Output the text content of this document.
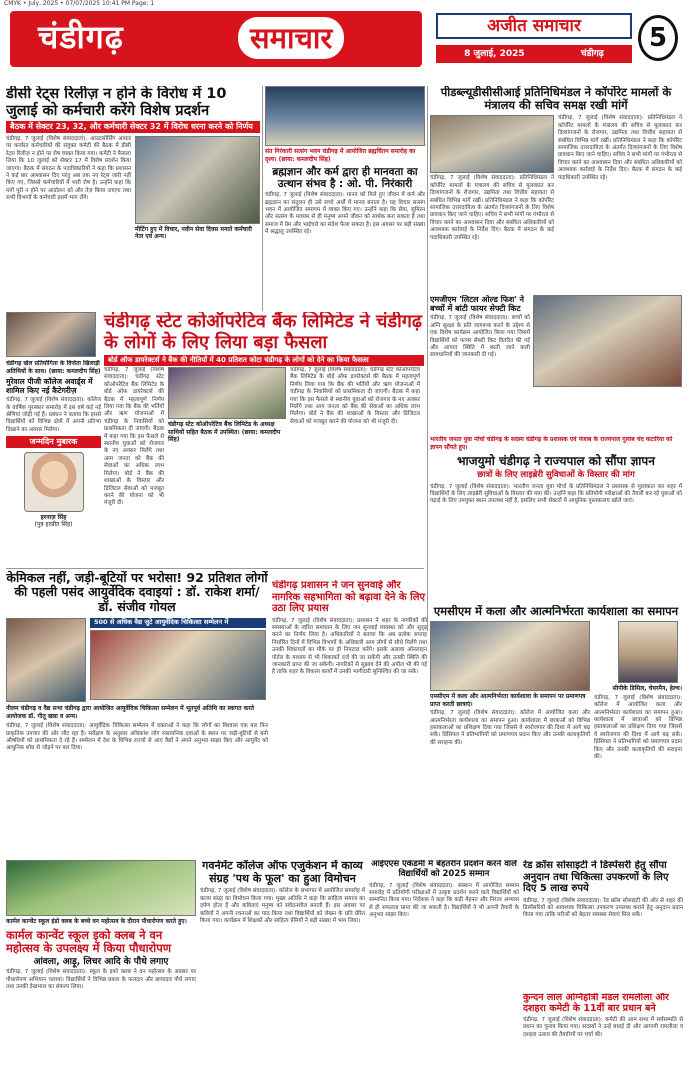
CMYK • July, 2025 • 07/07/2025 10:41 PM Page: 1
चंडीगढ़	समाचार	अजीत समाचार
8 जुलाई, 2025	चंडीगढ़
5
डीसी रेट्स रिलीज़ न होने के विरोध में 10 जुलाई को कर्मचारी करेंगे विशेष प्रदर्शन
बैठक में सेक्टर 23, 32, और कर्मचारी सेक्टर 32 में विरोध धरना करने को निर्णय
चंडीगढ़, 7 जुलाई (विशेष संवाददाता): आउटसोर्सिंग आधार पर कार्यरत कर्मचारियों की संयुक्त कमेटी की बैठक में डीसी रेट्स रिलीज़ न होने पर रोष व्यक्त किया गया। कमेटी ने फैसला लिया कि 10 जुलाई को सेक्टर 17 में विशेष प्रदर्शन किया जाएगा। बैठक में संगठन के पदाधिकारियों ने कहा कि प्रशासन ने कई बार आश्वासन दिए परंतु अब तक नए रेट्स जारी नहीं किए गए, जिससे कर्मचारियों में भारी रोष है। उन्होंने कहा कि मांगें पूरी न होने पर आंदोलन को और तेज़ किया जाएगा तथा सभी विभागों के कर्मचारी इसमें भाग लेंगे।
मीटिंग हुए में विचार, नवीन सेवा दिवस मनाते कर्मचारी नेता एवं अन्य।
संत निरंकारी सत्संग भवन चंडीगढ़ में आयोजित ब्रह्मचिंतन समारोह का दृश्य। (छाया: कमलदीप सिंह)
ब्रह्मज्ञान और कर्म द्वारा ही मानवता का उत्थान संभव है : ओ. पी. निरंकारी
चंडीगढ़, 7 जुलाई (विशेष संवाददाता): मानव को मिले हुए जीवन में कर्म और ब्रह्मज्ञान का संतुलन ही उसे सच्चे अर्थों में मानव बनाता है। यह विचार सत्संग भवन में आयोजित समागम में व्यक्त किए गए। उन्होंने कहा कि सेवा, सुमिरन और सत्संग के माध्यम से ही मनुष्य अपने जीवन को सार्थक बना सकता है तथा समाज में प्रेम और भाईचारे का संदेश फैला सकता है। इस अवसर पर बड़ी संख्या में श्रद्धालु उपस्थित रहे।
पीडब्ल्यूडीसीसीआई प्रतिनिधिमंडल ने कॉर्पोरेट मामलों के मंत्रालय की सचिव समक्ष रखी मांगें
चंडीगढ़, 7 जुलाई (विशेष संवाददाता): प्रतिनिधिमंडल ने कॉर्पोरेट मामलों के मंत्रालय की सचिव से मुलाकात कर दिव्यांगजनों के रोजगार, उद्यमिता तथा वित्तीय सहायता से संबंधित विभिन्न मांगें रखीं। प्रतिनिधिमंडल ने कहा कि कॉर्पोरेट सामाजिक उत्तरदायित्व के अंतर्गत दिव्यांगजनों के लिए विशेष प्रावधान किए जाने चाहिए। सचिव ने सभी मांगों पर गंभीरता से विचार करने का आश्वासन दिया और संबंधित अधिकारियों को आवश्यक कार्रवाई के निर्देश दिए। बैठक में संगठन के कई पदाधिकारी उपस्थित रहे।
चंडीगढ़, 7 जुलाई (विशेष संवाददाता): प्रतिनिधिमंडल ने कॉर्पोरेट मामलों के मंत्रालय की सचिव से मुलाकात कर दिव्यांगजनों के रोजगार, उद्यमिता तथा वित्तीय सहायता से संबंधित विभिन्न मांगें रखीं। प्रतिनिधिमंडल ने कहा कि कॉर्पोरेट सामाजिक उत्तरदायित्व के अंतर्गत दिव्यांगजनों के लिए विशेष प्रावधान किए जाने चाहिए। सचिव ने सभी मांगों पर गंभीरता से विचार करने का आश्वासन दिया और संबंधित अधिकारियों को आवश्यक कार्रवाई के निर्देश दिए। बैठक में संगठन के कई पदाधिकारी उपस्थित रहे।
एमजीएम 'लिटल ओल्ड फिश' ने बच्चों में बांटी फायर सेफ्टी किट
चंडीगढ़, 7 जुलाई (विशेष संवाददाता): बच्चों को अग्नि सुरक्षा के प्रति जागरूक करने के उद्देश्य से एक विशेष कार्यक्रम आयोजित किया गया जिसमें विद्यार्थियों को फायर सेफ्टी किट वितरित की गईं और आपात स्थिति में बरती जाने वाली सावधानियों की जानकारी दी गई।
चंडीगढ़ स्टेट कोऑपरेटिव बैंक लिमिटेड ने चंडीगढ़ के लोगों के लिए लिया बड़ा फैसला
बोर्ड ऑफ डायरेक्टर्स ने बैंक की नीतियों में 40 प्रतिशत कोटा चंडीगढ़ के लोगों को देने का किया फैसला
चंडीगढ़, 7 जुलाई (विशेष संवाददाता): चंडीगढ़ स्टेट कोऑपरेटिव बैंक लिमिटेड के बोर्ड ऑफ डायरेक्टर्स की बैठक में महत्वपूर्ण निर्णय लिया गया कि बैंक की भर्तियों और ऋण योजनाओं में चंडीगढ़ के निवासियों को प्राथमिकता दी जाएगी। बैठक में कहा गया कि इस फैसले से स्थानीय युवाओं को रोजगार के नए अवसर मिलेंगे तथा आम जनता को बैंक की सेवाओं का अधिक लाभ मिलेगा। बोर्ड ने बैंक की शाखाओं के विस्तार और डिजिटल सेवाओं को मजबूत करने की योजना को भी मंजूरी दी।
चंडीगढ़ स्टेट कोऑपरेटिव बैंक लिमिटेड के अध्यक्ष साथियों सहित बैठक में उपस्थित। (छाया: कमलदीप सिंह)
चंडीगढ़, 7 जुलाई (विशेष संवाददाता): चंडीगढ़ स्टेट कोऑपरेटिव बैंक लिमिटेड के बोर्ड ऑफ डायरेक्टर्स की बैठक में महत्वपूर्ण निर्णय लिया गया कि बैंक की भर्तियों और ऋण योजनाओं में चंडीगढ़ के निवासियों को प्राथमिकता दी जाएगी। बैठक में कहा गया कि इस फैसले से स्थानीय युवाओं को रोजगार के नए अवसर मिलेंगे तथा आम जनता को बैंक की सेवाओं का अधिक लाभ मिलेगा। बोर्ड ने बैंक की शाखाओं के विस्तार और डिजिटल सेवाओं को मजबूत करने की योजना को भी मंजूरी दी।
चंडीगढ़ खेल प्रतियोगिता के विजेता खिलाड़ी अतिथियों के साथ। (छाया: कमलदीप सिंह)
मुरेवाल पीजी कॉलेज अवार्ड्स में शामिल किए नई कैटेगरीज़
चंडीगढ़, 7 जुलाई (विशेष संवाददाता): कॉलेज के वार्षिक पुरस्कार समारोह में इस वर्ष कई नई श्रेणियां जोड़ी गई हैं। प्रबंधन ने बताया कि इससे विद्यार्थियों को विभिन्न क्षेत्रों में अपनी प्रतिभा दिखाने का अवसर मिलेगा।
जन्मदिन मुबारक
हरनाज़ सिंह
(पुत्र हरप्रीत सिंह)
भारतीय जनता युवा मोर्चा चंडीगढ़ के सदस्य चंडीगढ़ के प्रशासक एवं पंजाब के राज्यपाल गुलाब चंद कटारिया को ज्ञापन सौंपते हुए।
भाजयुमो चंडीगढ़ ने राज्यपाल को सौंपा ज्ञापन
छात्रों के लिए लाइब्रेरी सुविधाओं के विस्तार की मांग
चंडीगढ़, 7 जुलाई (विशेष संवाददाता): भारतीय जनता युवा मोर्चा के प्रतिनिधिमंडल ने प्रशासक से मुलाकात कर शहर में विद्यार्थियों के लिए लाइब्रेरी सुविधाओं के विस्तार की मांग की। उन्होंने कहा कि प्रतियोगी परीक्षाओं की तैयारी कर रहे युवाओं को पढ़ाई के लिए उपयुक्त स्थान उपलब्ध नहीं है, इसलिए सभी सेक्टरों में आधुनिक पुस्तकालय खोले जाएं।
केमिकल नहीं, जड़ी-बूटियों पर भरोसा! 92 प्रतिशत लोगों की पहली पसंद आयुर्वेदिक दवाइयां : डॉ. राकेश शर्मा/ डॉ. संजीव गोयल
500 से अधिक वैद्य जुटे आयुर्वेदिक चिकित्सा सम्मेलन में
नीलम चंडीगढ़ व वैद्य सभा चंडीगढ़ द्वारा आयोजित आयुर्वेदिक चिकित्सा सम्मेलन में भूतपूर्व अतिथि का स्वागत करते आयोजक डॉ. गीतू खन्ना व अन्य।
चंडीगढ़, 7 जुलाई (विशेष संवाददाता): आयुर्वेदिक चिकित्सा सम्मेलन में वक्ताओं ने कहा कि लोगों का विश्वास एक बार फिर प्राकृतिक उपचार की ओर लौट रहा है। सर्वेक्षण के अनुसार अधिकांश लोग रासायनिक दवाओं के स्थान पर जड़ी-बूटियों से बनी औषधियों को प्राथमिकता दे रहे हैं। सम्मेलन में देश के विभिन्न राज्यों से आए वैद्यों ने अपने अनुभव साझा किए और आयुर्वेद को आधुनिक शोध से जोड़ने पर बल दिया।
चंडीगढ़ प्रशासन ने जन सुनवाई और नागरिक सहभागिता को बढ़ावा देने के लिए उठा लिए प्रयास
चंडीगढ़, 7 जुलाई (विशेष संवाददाता): प्रशासन ने शहर के नागरिकों की समस्याओं के त्वरित समाधान के लिए जन सुनवाई व्यवस्था को और सुदृढ़ करने का निर्णय लिया है। अधिकारियों ने बताया कि अब प्रत्येक सप्ताह निर्धारित दिनों में विभिन्न विभागों के अधिकारी आम लोगों से सीधे मिलेंगे तथा उनकी शिकायतों का मौके पर ही निपटारा करेंगे। इसके अलावा ऑनलाइन पोर्टल के माध्यम से भी शिकायतें दर्ज की जा सकेंगी और उनकी स्थिति की जानकारी प्राप्त की जा सकेगी। नागरिकों से सुझाव देने की अपील भी की गई है ताकि शहर के विकास कार्यों में उनकी भागीदारी सुनिश्चित की जा सके।
एमसीएम में कला और आत्मनिर्भरता कार्यशाला का समापन
एमसीएम में कला और आत्मनिर्भरता कार्यशाला के समापन पर प्रमाणपत्र प्राप्त करती छात्राएं।
चंडीगढ़, 7 जुलाई (विशेष संवाददाता): कॉलेज में आयोजित कला और आत्मनिर्भरता कार्यशाला का समापन हुआ। कार्यशाला में छात्राओं को विभिन्न हस्तकलाओं का प्रशिक्षण दिया गया जिससे वे स्वरोजगार की दिशा में आगे बढ़ सकें। प्रिंसिपल ने प्रतिभागियों को प्रमाणपत्र प्रदान किए और उनकी कलाकृतियों की सराहना की।
सीपीके डिसिल, चेयरमैन, हेल्थ।
चंडीगढ़, 7 जुलाई (विशेष संवाददाता): कॉलेज में आयोजित कला और आत्मनिर्भरता कार्यशाला का समापन हुआ। कार्यशाला में छात्राओं को विभिन्न हस्तकलाओं का प्रशिक्षण दिया गया जिससे वे स्वरोजगार की दिशा में आगे बढ़ सकें। प्रिंसिपल ने प्रतिभागियों को प्रमाणपत्र प्रदान किए और उनकी कलाकृतियों की सराहना की।
कार्मल कान्वेंट स्कूल इंडो क्लब के बच्चे वन महोत्सव के दौरान पौधारोपण करते हुए।
कार्मल कान्वेंट स्कूल इको क्लब ने वन महोत्सव के उपलक्ष्य में किया पौधारोपण
आंवला, आड़ू, लिचर आदि के पौधे लगाए
चंडीगढ़, 7 जुलाई (विशेष संवाददाता): स्कूल के इको क्लब ने वन महोत्सव के अवसर पर पौधारोपण अभियान चलाया। विद्यार्थियों ने विभिन्न प्रकार के फलदार और छायादार पौधे लगाए तथा उनकी देखभाल का संकल्प लिया।
गवर्नमेंट कॉलेज ऑफ एजुकेशन में काव्य संग्रह 'पथ के फूल' का हुआ विमोचन
चंडीगढ़, 7 जुलाई (विशेष संवाददाता): कॉलेज के सभागार में आयोजित समारोह में काव्य संग्रह का विमोचन किया गया। मुख्य अतिथि ने कहा कि साहित्य समाज का दर्पण होता है और कविताएं मनुष्य को संवेदनशील बनाती हैं। इस अवसर पर कवियों ने अपनी रचनाओं का पाठ किया तथा विद्यार्थियों को लेखन के प्रति प्रेरित किया गया। कार्यक्रम में शिक्षकों और साहित्य प्रेमियों ने बड़ी संख्या में भाग लिया।
आईएएस एकेडमी में बेहतरीन प्रदर्शन करने वाले विद्यार्थियों को 2025 सम्मान
चंडीगढ़, 7 जुलाई (विशेष संवाददाता): संस्थान में आयोजित सम्मान समारोह में प्रतियोगी परीक्षाओं में उत्कृष्ट प्रदर्शन करने वाले विद्यार्थियों को सम्मानित किया गया। निदेशक ने कहा कि कड़ी मेहनत और निरंतर अभ्यास से ही सफलता प्राप्त की जा सकती है। विद्यार्थियों ने भी अपनी तैयारी के अनुभव साझा किए।
रेड क्रॉस सोसाइटी ने डिस्पेंसरी हेतु सौंपा अनुदान तथा चिकित्सा उपकरणों के लिए दिए 5 लाख रुपये
चंडीगढ़, 7 जुलाई (विशेष संवाददाता): रेड क्रॉस सोसाइटी की ओर से शहर की डिस्पेंसरियों को आवश्यक चिकित्सा उपकरण उपलब्ध कराने हेतु अनुदान प्रदान किया गया ताकि मरीजों को बेहतर स्वास्थ्य सेवाएं मिल सकें।
कुन्दन लाल अग्निहोत्री मंडल रामलीला और दशहरा कमेटी के 11वीं बार प्रधान बने
चंडीगढ़, 7 जुलाई (विशेष संवाददाता): कमेटी की आम सभा में सर्वसम्मति से प्रधान का चुनाव किया गया। सदस्यों ने उन्हें बधाई दी और आगामी रामलीला व दशहरा उत्सव की तैयारियों पर चर्चा की।
